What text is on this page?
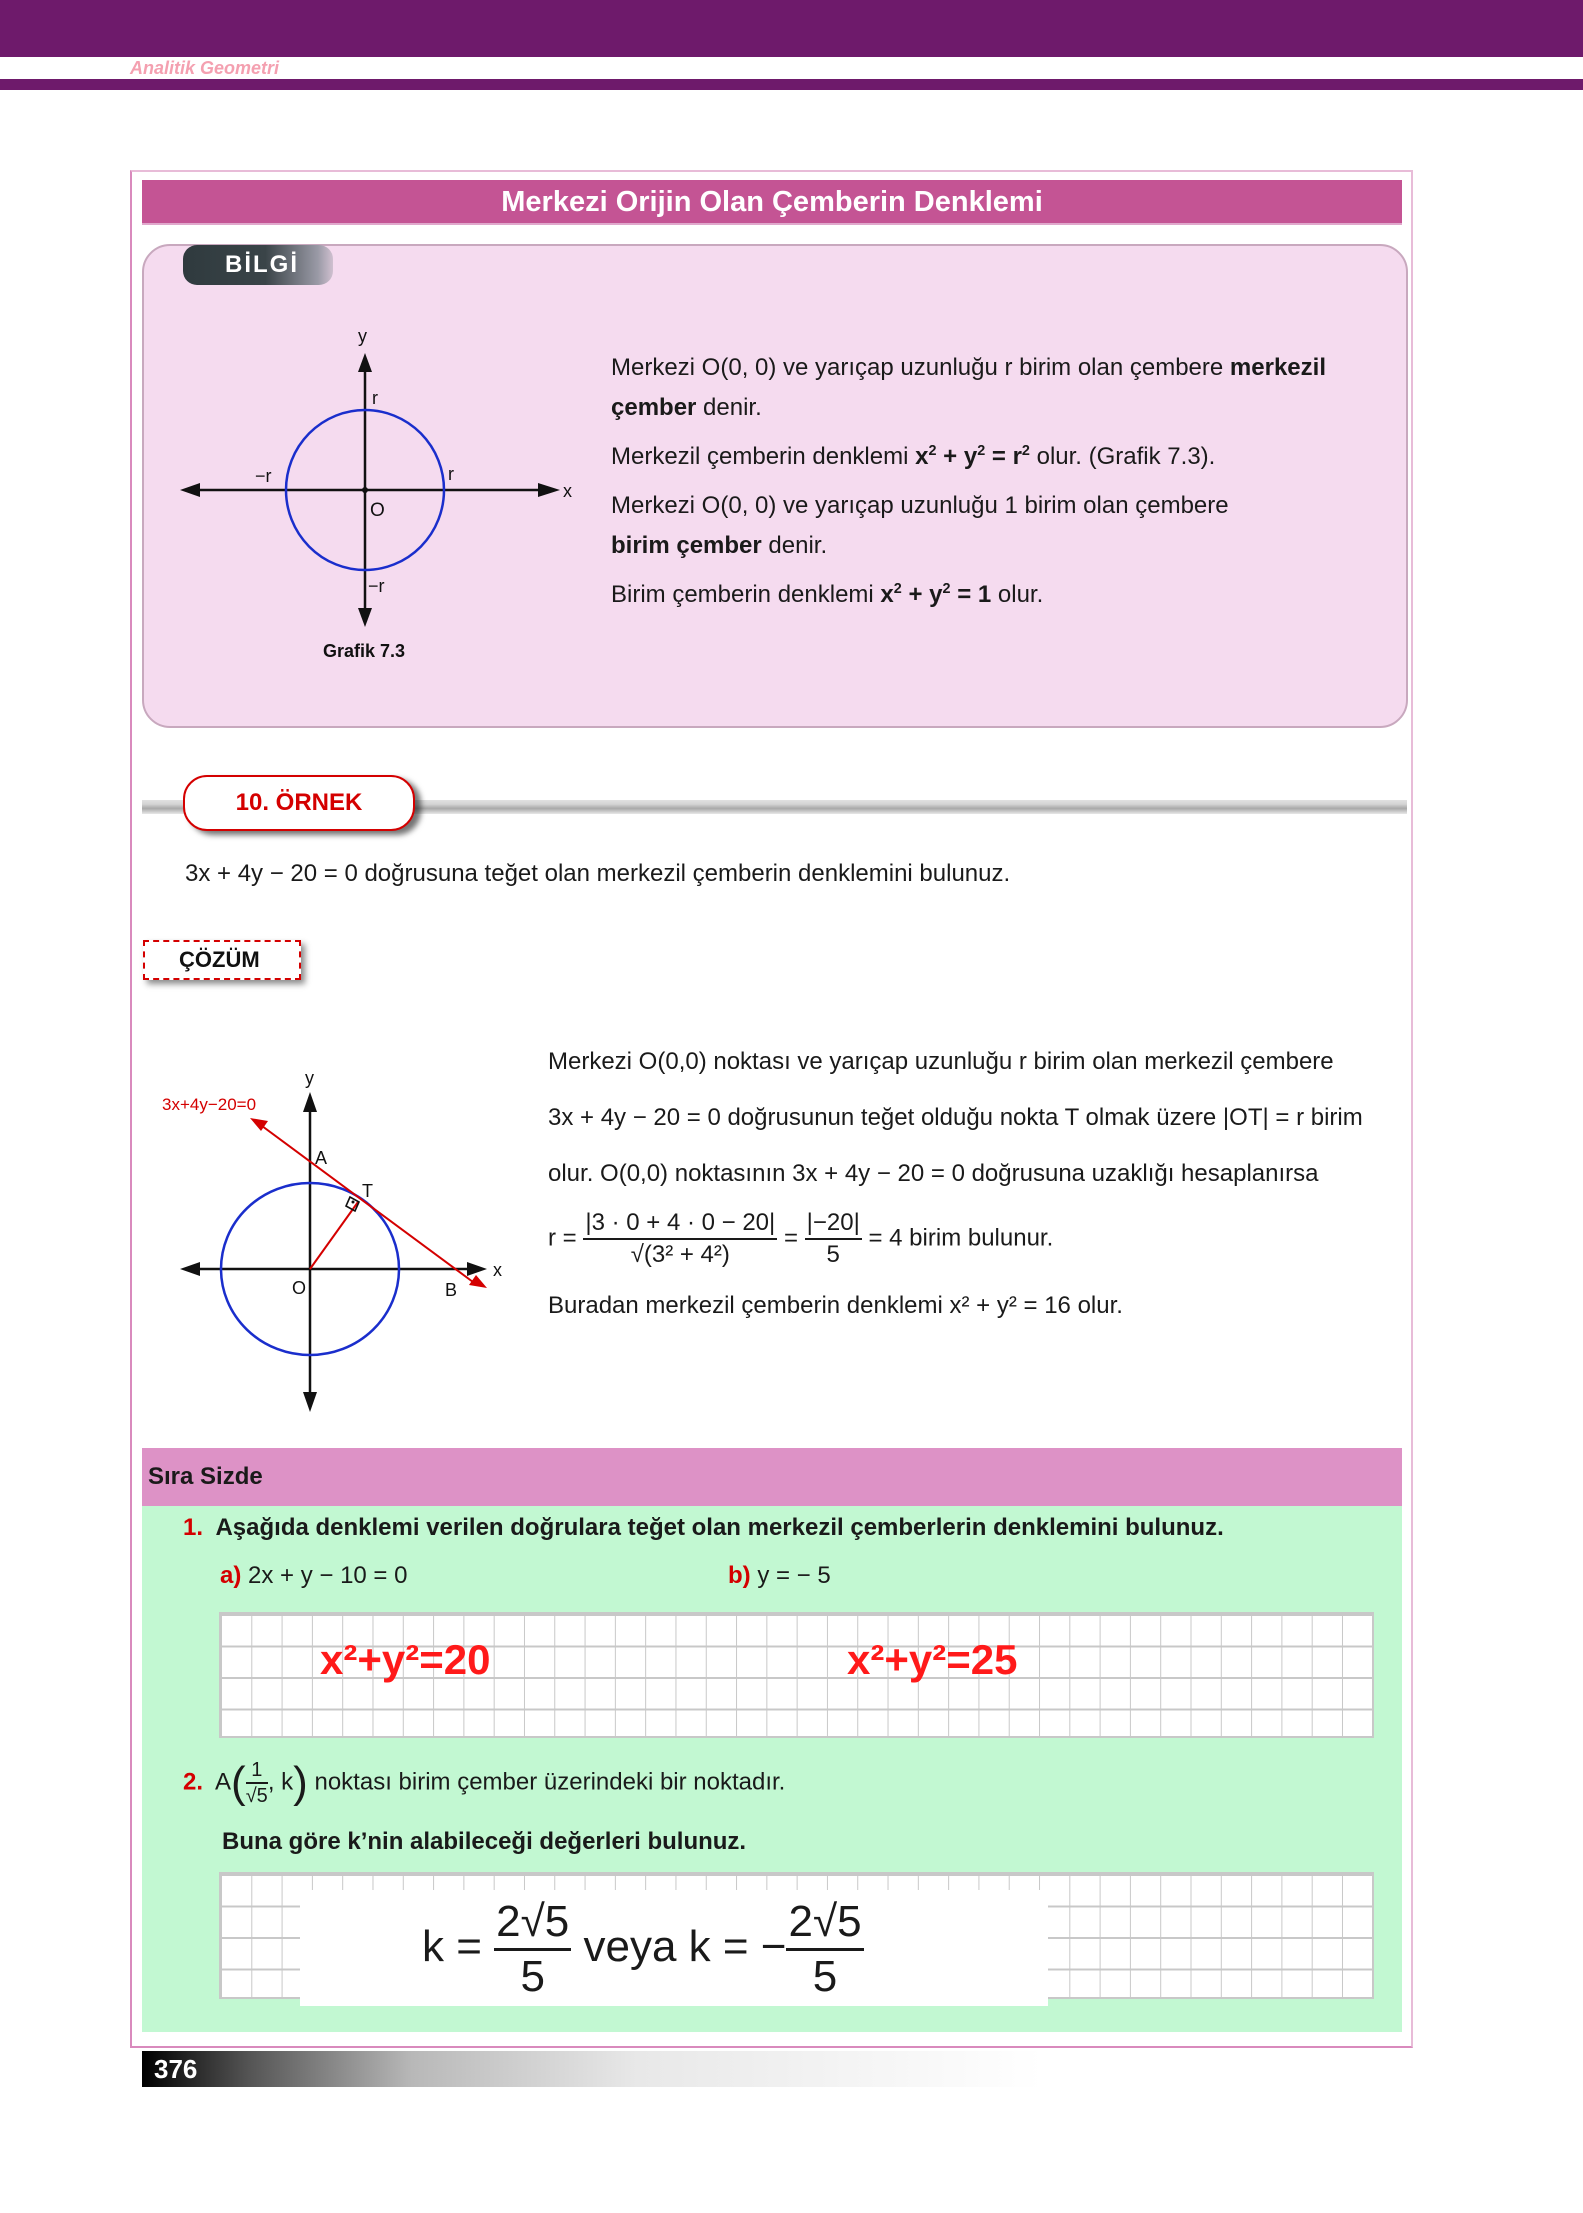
Analitik Geometri
Merkezi Orijin Olan Çemberin Denklemi
BİLGİ
y
x
r
r
−r
−r
O
Grafik 7.3

Merkezi O(0, 0) ve yarıçap uzunluğu r birim olan çembere merkezil çember denir.

Merkezil çemberin denklemi $x^2 + y^2 = r^2$ olur. (Grafik 7.3).

Merkezi O(0, 0) ve yarıçap uzunluğu 1 birim olan çembere
birim çember denir.

Birim çemberin denklemi $x^2 + y^2 = 1$ olur.

10. ÖRNEK
3x + 4y − 20 = 0 doğrusuna teğet olan merkezil çemberin denklemini bulunuz.
ÇÖZÜM
3x+4y−20=0
y
x
A
T
O	B
Merkezi O(0,0) noktası ve yarıçap uzunluğu r birim olan merkezil çembere
3x + 4y − 20 = 0 doğrusunun teğet olduğu nokta T olmak üzere |OT| = r birim
olur. O(0,0) noktasının 3x + 4y − 20 = 0 doğrusuna uzaklığı hesaplanırsa
$r = \frac{|3 \cdot 0 + 4 \cdot 0 - 20|}{\text{√(3² + 4²)}} = \frac{|-20|}{5} = 4$ birim bulunur.
Buradan merkezil çemberin denklemi x² + y² = 16 olur.
Sıra Sizde
1. Aşağıda denklemi verilen doğrulara teğet olan merkezil çemberlerin denklemini bulunuz.
a) 2x + y − 10 = 0	b) y = − 5
x²+y²=20	x²+y²=25
2. $A( \frac{1}{√5}$ , k) noktası birim çember üzerindeki bir noktadır.
Buna göre k’nin alabileceği değerleri bulunuz.
$k = \frac{2√5}{5}$ veya k = − $\frac{2√5}{5}$
376
